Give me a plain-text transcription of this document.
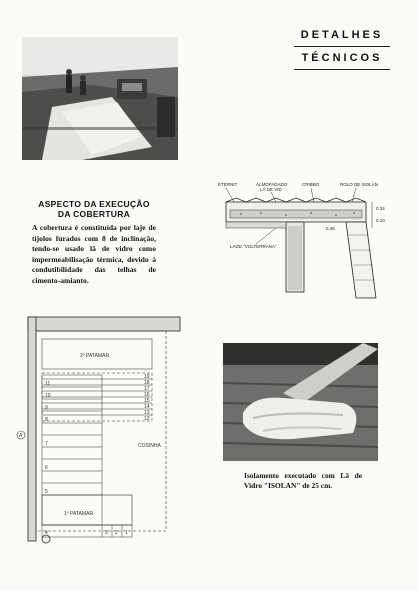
DETALHES
TÉCNICOS
ASPECTO DA EXECUÇÃO DA COBERTURA
A cobertura é constituída por laje de tijolos furados com 8 de inclinação, tendo-se usado lã de vidro como impermeabilisação térmica, devido à condutibilidade das telhas de cimento-amianto.
ETERNIT	ALMOFADADO
LÃ DE VID
CRIBBO	ROLO DE ISOLAN
0.34
0.10
0.48
LAGE "VOLTERRANA"
2º PATAMAR
19
18
17
16
15
14
13
12
11
10
9
8
7
6
5
1º PATAMAR
4	3 2 1
COSINHA
A
Isolamento executado com Lã de Vidro "ISOLAN" de 25 cm.
